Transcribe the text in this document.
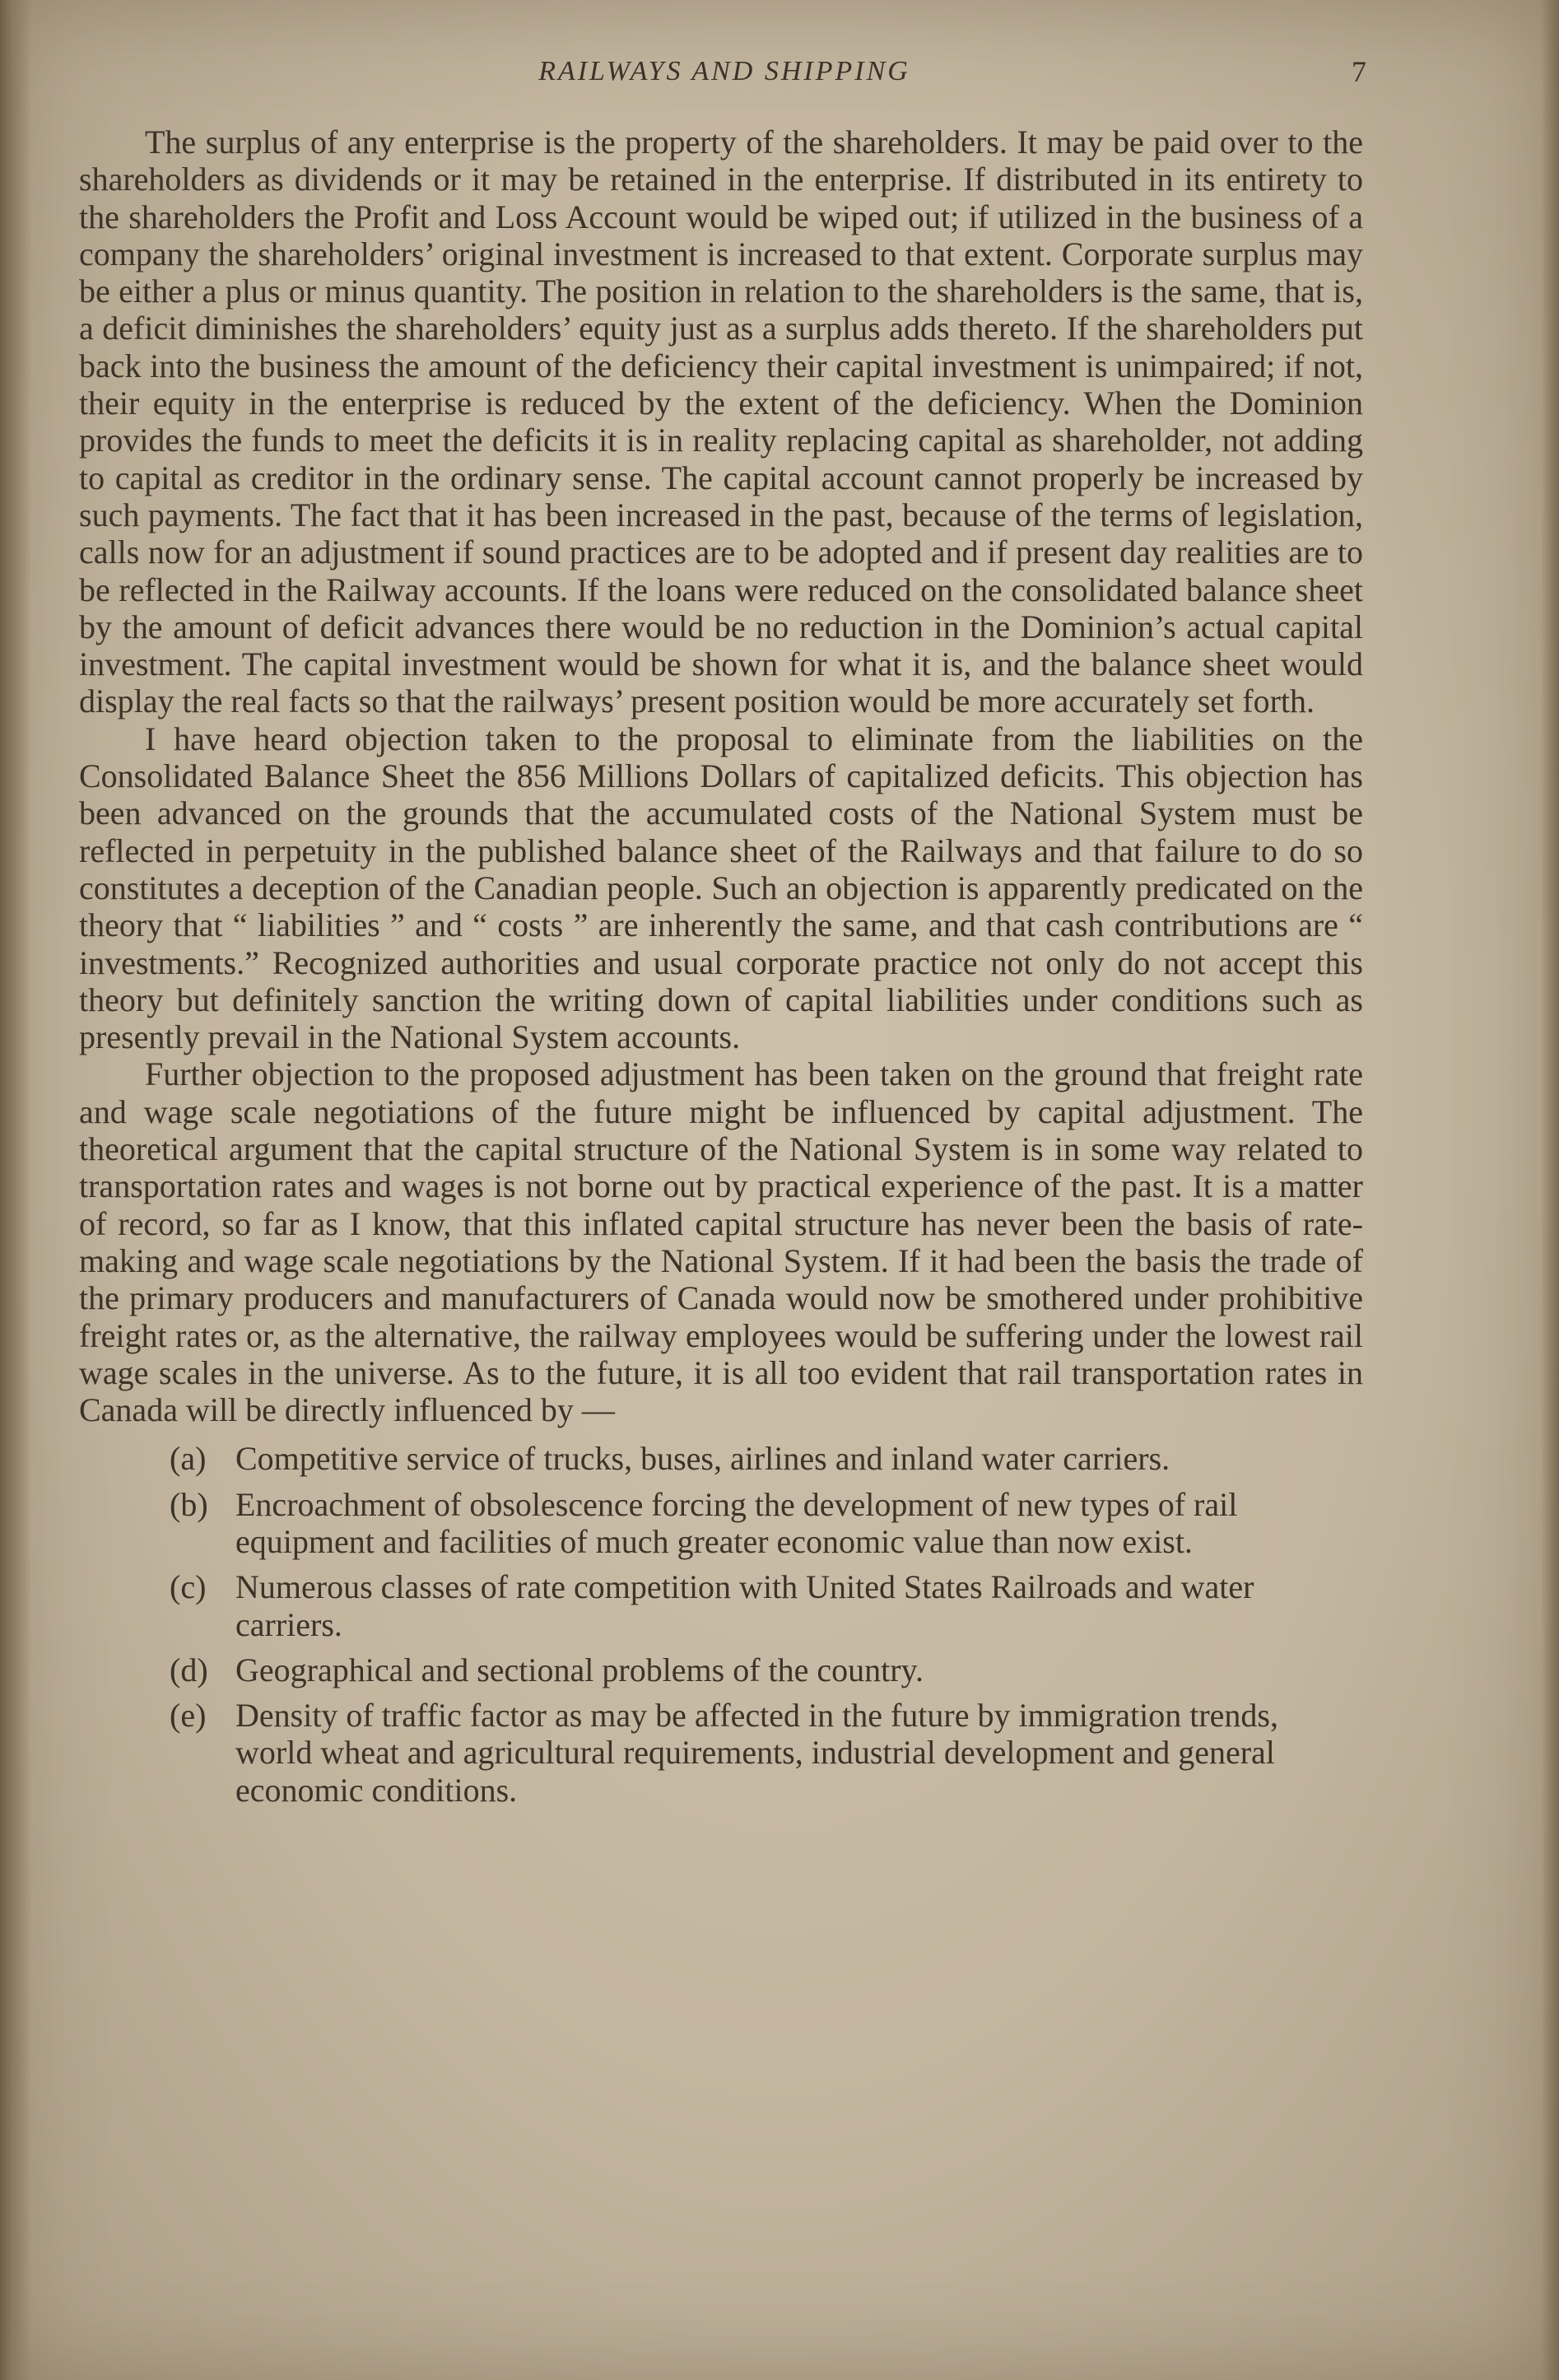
RAILWAYS AND SHIPPING	7

The surplus of any enterprise is the property of the shareholders. It may be paid over to the shareholders as dividends or it may be retained in the enterprise. If distributed in its entirety to the shareholders the Profit and Loss Account would be wiped out; if utilized in the business of a company the shareholders’ original investment is increased to that extent. Corporate surplus may be either a plus or minus quantity. The position in relation to the shareholders is the same, that is, a deficit diminishes the shareholders’ equity just as a surplus adds thereto. If the shareholders put back into the business the amount of the deficiency their capital investment is unimpaired; if not, their equity in the enterprise is reduced by the extent of the deficiency. When the Dominion provides the funds to meet the deficits it is in reality replacing capital as shareholder, not adding to capital as creditor in the ordinary sense. The capital account cannot properly be increased by such payments. The fact that it has been increased in the past, because of the terms of legislation, calls now for an adjustment if sound practices are to be adopted and if present day realities are to be reflected in the Railway accounts. If the loans were reduced on the consolidated balance sheet by the amount of deficit advances there would be no reduction in the Dominion’s actual capital investment. The capital investment would be shown for what it is, and the balance sheet would display the real facts so that the railways’ present position would be more accurately set forth.

I have heard objection taken to the proposal to eliminate from the liabilities on the Consolidated Balance Sheet the 856 Millions Dollars of capitalized deficits. This objection has been advanced on the grounds that the accumulated costs of the National System must be reflected in perpetuity in the published balance sheet of the Railways and that failure to do so constitutes a deception of the Canadian people. Such an objection is apparently predicated on the theory that “ liabilities ” and “ costs ” are inherently the same, and that cash contributions are “ investments.” Recognized authorities and usual corporate practice not only do not accept this theory but definitely sanction the writing down of capital liabilities under conditions such as presently prevail in the National System accounts.

Further objection to the proposed adjustment has been taken on the ground that freight rate and wage scale negotiations of the future might be influenced by capital adjustment. The theoretical argument that the capital structure of the National System is in some way related to transportation rates and wages is not borne out by practical experience of the past. It is a matter of record, so far as I know, that this inflated capital structure has never been the basis of rate-making and wage scale negotiations by the National System. If it had been the basis the trade of the primary producers and manufacturers of Canada would now be smothered under prohibitive freight rates or, as the alternative, the railway employees would be suffering under the lowest rail wage scales in the universe. As to the future, it is all too evident that rail transportation rates in Canada will be directly influenced by —

(a) Competitive service of trucks, buses, airlines and inland water carriers.
(b) Encroachment of obsolescence forcing the development of new types of rail equipment and facilities of much greater economic value than now exist.
(c) Numerous classes of rate competition with United States Railroads and water carriers.
(d) Geographical and sectional problems of the country.
(e) Density of traffic factor as may be affected in the future by immigration trends, world wheat and agricultural requirements, industrial development and general economic conditions.
